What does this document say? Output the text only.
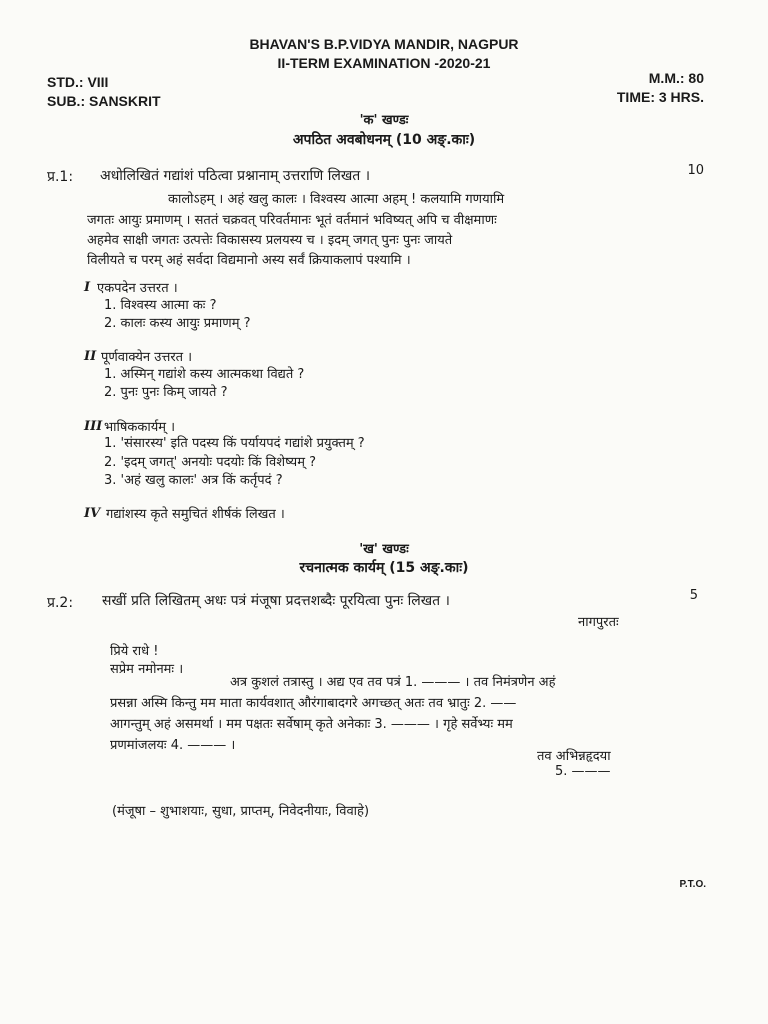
BHAVAN'S B.P.VIDYA MANDIR, NAGPUR
II-TERM EXAMINATION -2020-21
STD.: VIII	M.M.: 80
SUB.: SANSKRIT	TIME: 3 HRS.
'क' खण्डः
अपठित अवबोधनम् (10 अङ्.काः)
प्र.1: अधोलिखितं गद्यांशं पठित्वा प्रश्नानाम् उत्तराणि लिखत ।	10
कालोऽहम् । अहं खलु कालः । विश्वस्य आत्मा अहम् ! कलयामि गणयामि
जगतः आयुः प्रमाणम् । सततं चक्रवत् परिवर्तमानः भूतं वर्तमानं भविष्यत् अपि च वीक्षमाणः
अहमेव साक्षी जगतः उत्पत्तेः विकासस्य प्रलयस्य च । इदम् जगत् पुनः पुनः जायते
विलीयते च परम् अहं सर्वदा विद्यमानो अस्य सर्वं क्रियाकलापं पश्यामि ।
I एकपदेन उत्तरत ।
1. विश्वस्य आत्मा कः ?
2. कालः कस्य आयुः प्रमाणम् ?
II पूर्णवाक्येन उत्तरत ।
1. अस्मिन् गद्यांशे कस्य आत्मकथा विद्यते ?
2. पुनः पुनः किम् जायते ?
III भाषिककार्यम् ।
1. 'संसारस्य' इति पदस्य किं पर्यायपदं गद्यांशे प्रयुक्तम् ?
2. 'इदम् जगत्' अनयोः पदयोः किं विशेष्यम् ?
3. 'अहं खलु कालः' अत्र किं कर्तृपदं ?
IV गद्यांशस्य कृते समुचितं शीर्षकं लिखत ।
'ख' खण्डः
रचनात्मक कार्यम् (15 अङ्.काः)
प्र.2: सखीं प्रति लिखितम् अधः पत्रं मंजूषा प्रदत्तशब्दैः पूरयित्वा पुनः लिखत ।	5
नागपुरतः
प्रिये राधे !
सप्रेम नमोनमः ।
अत्र कुशलं तत्रास्तु । अद्य एव तव पत्रं 1. ——— । तव निमंत्रणेन अहं
प्रसन्ना अस्मि किन्तु मम माता कार्यवशात् औरंगाबादगरे अगच्छत् अतः तव भ्रातुः 2. ——
आगन्तुम् अहं असमर्था । मम पक्षतः सर्वेषाम् कृते अनेकाः 3. ——— । गृहे सर्वेभ्यः मम
प्रणमांजलयः 4. ——— ।
तव अभिन्नहृदया
5. ———
(मंजूषा – शुभाशयाः, सुधा, प्राप्तम्, निवेदनीयाः, विवाहे)
P.T.O.
